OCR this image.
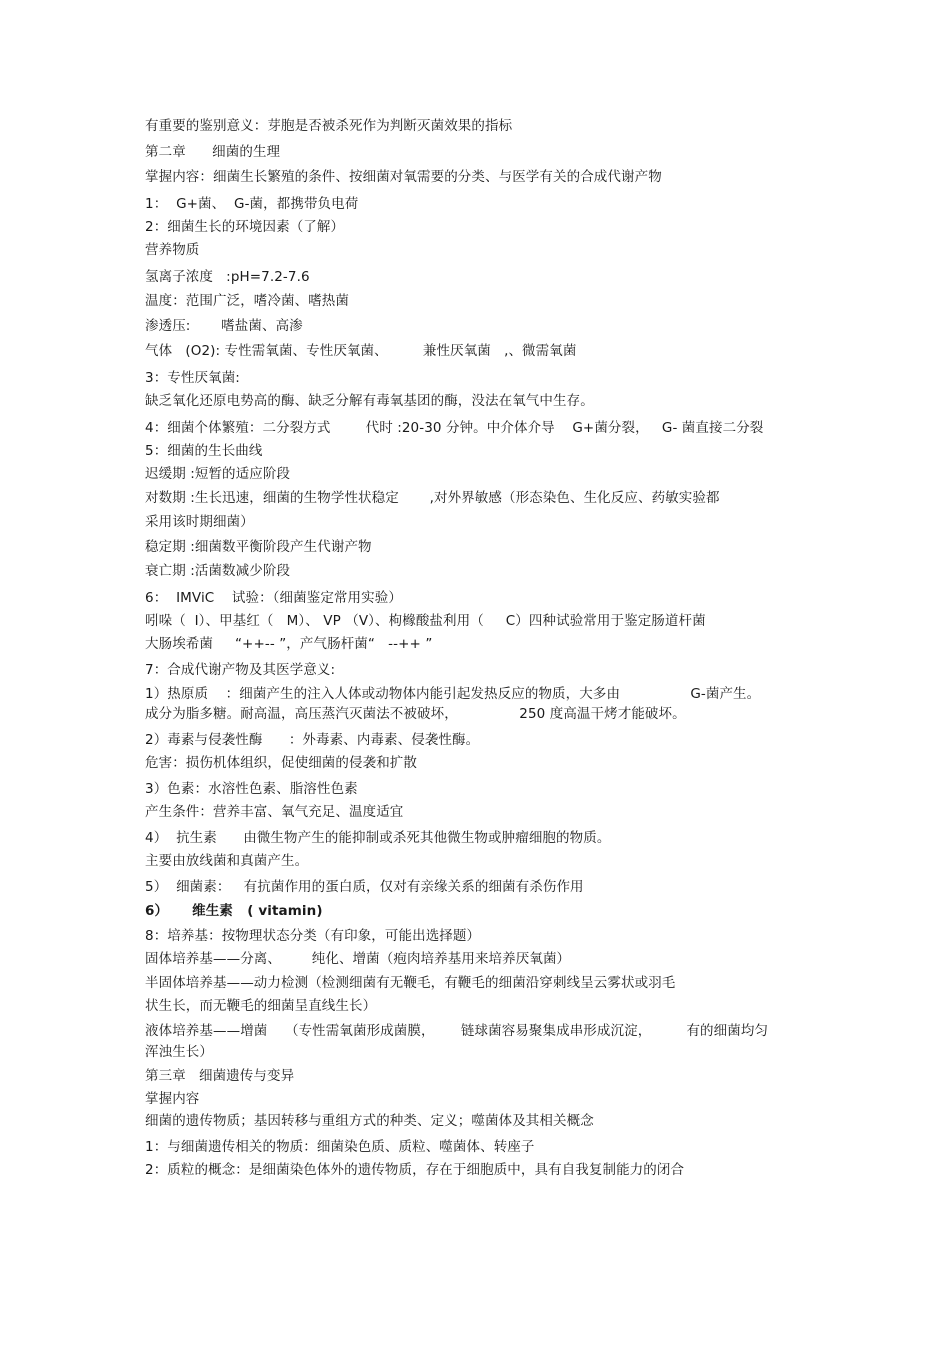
有重要的鉴别意义：芽胞是否被杀死作为判断灭菌效果的指标
第二章      细菌的生理
掌握内容：细菌生长繁殖的条件、按细菌对氧需要的分类、与医学有关的合成代谢产物
1：  G+菌、  G-菌，都携带负电荷
2：细菌生长的环境因素（了解）
营养物质
氢离子浓度   :pH=7.2-7.6
温度：范围广泛，嗜冷菌、嗜热菌
渗透压:       嗜盐菌、高渗
气体   (O2): 专性需氧菌、专性厌氧菌、        兼性厌氧菌   ,、微需氧菌
3：专性厌氧菌:
缺乏氧化还原电势高的酶、缺乏分解有毒氧基团的酶，没法在氧气中生存。
4：细菌个体繁殖：二分裂方式        代时 :20-30 分钟。中介体介导    G+菌分裂，   G- 菌直接二分裂
5：细菌的生长曲线
迟缓期 :短暂的适应阶段
对数期 :生长迅速，细菌的生物学性状稳定       ,对外界敏感（形态染色、生化反应、药敏实验都
采用该时期细菌）
稳定期 :细菌数平衡阶段产生代谢产物
衰亡期 :活菌数减少阶段
6：  IMViC    试验：（细菌鉴定常用实验）
吲哚（  I）、甲基红（   M）、 VP （V）、枸橼酸盐利用（     C）四种试验常用于鉴定肠道杆菌
大肠埃希菌     “++-- ”，产气肠杆菌“   --++ ”
7：合成代谢产物及其医学意义:
1）热原质    ：细菌产生的注入人体或动物体内能引起发热反应的物质，大多由                G-菌产生。
成分为脂多糖。耐高温，高压蒸汽灭菌法不被破坏，              250 度高温干烤才能破坏。
2）毒素与侵袭性酶      ：外毒素、内毒素、侵袭性酶。
危害：损伤机体组织，促使细菌的侵袭和扩散
3）色素：水溶性色素、脂溶性色素
产生条件：营养丰富、氧气充足、温度适宜
4）  抗生素      由微生物产生的能抑制或杀死其他微生物或肿瘤细胞的物质。
主要由放线菌和真菌产生。
5）  细菌素：   有抗菌作用的蛋白质，仅对有亲缘关系的细菌有杀伤作用
6）     维生素   ( vitamin)
8：培养基：按物理状态分类（有印象，可能出选择题）
固体培养基——分离、       纯化、增菌（疱肉培养基用来培养厌氧菌）
半固体培养基——动力检测（检测细菌有无鞭毛，有鞭毛的细菌沿穿刺线呈云雾状或羽毛
状生长，而无鞭毛的细菌呈直线生长）
液体培养基——增菌    （专性需氧菌形成菌膜，      链球菌容易聚集成串形成沉淀，        有的细菌均匀
浑浊生长）
第三章   细菌遗传与变异
掌握内容
细菌的遗传物质；基因转移与重组方式的种类、定义；噬菌体及其相关概念
1：与细菌遗传相关的物质：细菌染色质、质粒、噬菌体、转座子
2：质粒的概念：是细菌染色体外的遗传物质，存在于细胞质中，具有自我复制能力的闭合
